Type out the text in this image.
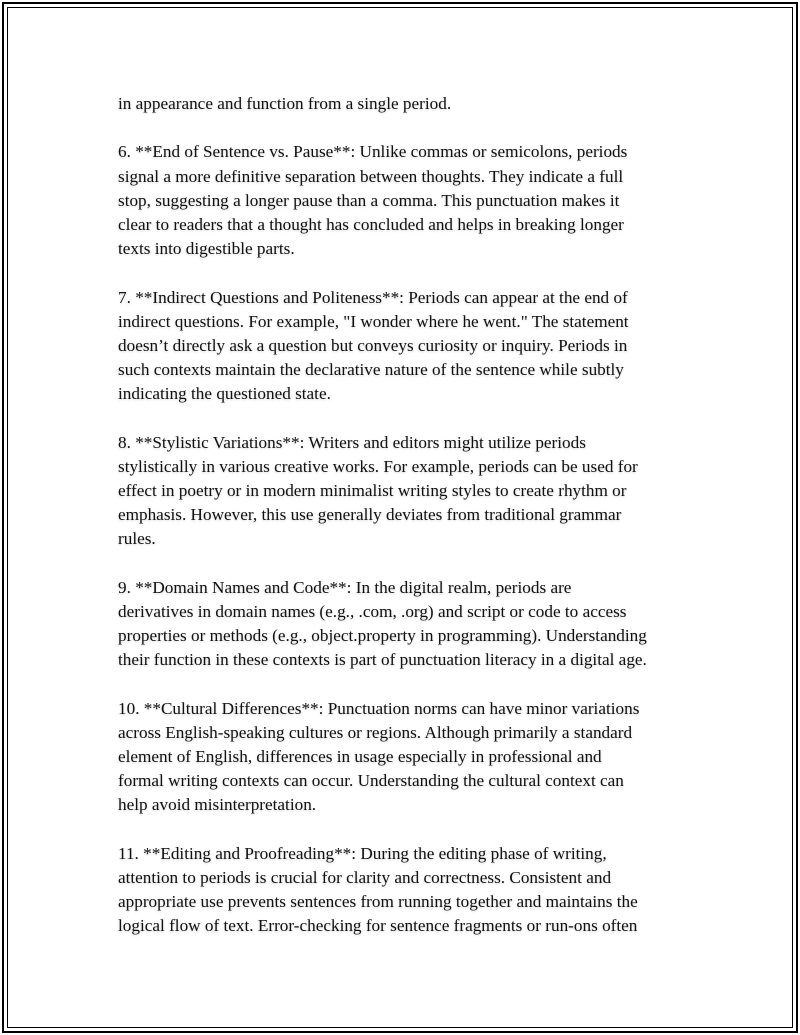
in appearance and function from a single period.
6. **End of Sentence vs. Pause**: Unlike commas or semicolons, periods
signal a more definitive separation between thoughts. They indicate a full
stop, suggesting a longer pause than a comma. This punctuation makes it
clear to readers that a thought has concluded and helps in breaking longer
texts into digestible parts.
7. **Indirect Questions and Politeness**: Periods can appear at the end of
indirect questions. For example, "I wonder where he went." The statement
doesn’t directly ask a question but conveys curiosity or inquiry. Periods in
such contexts maintain the declarative nature of the sentence while subtly
indicating the questioned state.
8. **Stylistic Variations**: Writers and editors might utilize periods
stylistically in various creative works. For example, periods can be used for
effect in poetry or in modern minimalist writing styles to create rhythm or
emphasis. However, this use generally deviates from traditional grammar
rules.
9. **Domain Names and Code**: In the digital realm, periods are
derivatives in domain names (e.g., .com, .org) and script or code to access
properties or methods (e.g., object.property in programming). Understanding
their function in these contexts is part of punctuation literacy in a digital age.
10. **Cultural Differences**: Punctuation norms can have minor variations
across English-speaking cultures or regions. Although primarily a standard
element of English, differences in usage especially in professional and
formal writing contexts can occur. Understanding the cultural context can
help avoid misinterpretation.
11. **Editing and Proofreading**: During the editing phase of writing,
attention to periods is crucial for clarity and correctness. Consistent and
appropriate use prevents sentences from running together and maintains the
logical flow of text. Error-checking for sentence fragments or run-ons often
